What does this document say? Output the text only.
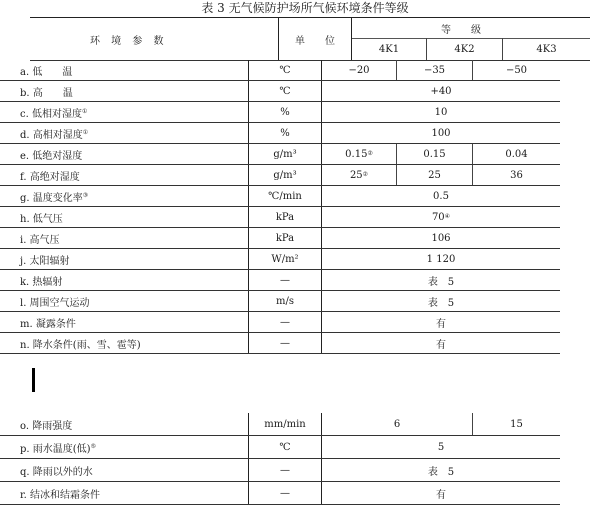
表 3 无气候防护场所气候环境条件等级
环 境 参 数	单　　位
等级
4K1	4K2	4K3
a. 低　　温	℃	−20	−35	−50
b. 高　　温	℃	+40
c. 低相对湿度 ①	%	10
d. 高相对湿度 ①	%	100
e. 低绝对湿度	g/m³	0.15 ②	0.15	0.04
f. 高绝对湿度	g/m³	25 ②	25	36
g. 温度变化率 ③	℃/min	0.5
h. 低气压	kPa	70 ④
i. 高气压	kPa	106
j. 太阳辐射	W/m²	1 120
k. 热辐射	—	表　5
l. 周围空气运动	m/s	表　5
m. 凝露条件	—	有
n. 降水条件(雨、雪、雹等)	—	有
o. 降雨强度	mm/min	6	15
p. 雨水温度(低) ⑤	℃	5
q. 降雨以外的水	—	表　5
r. 结冰和结霜条件	—	有
